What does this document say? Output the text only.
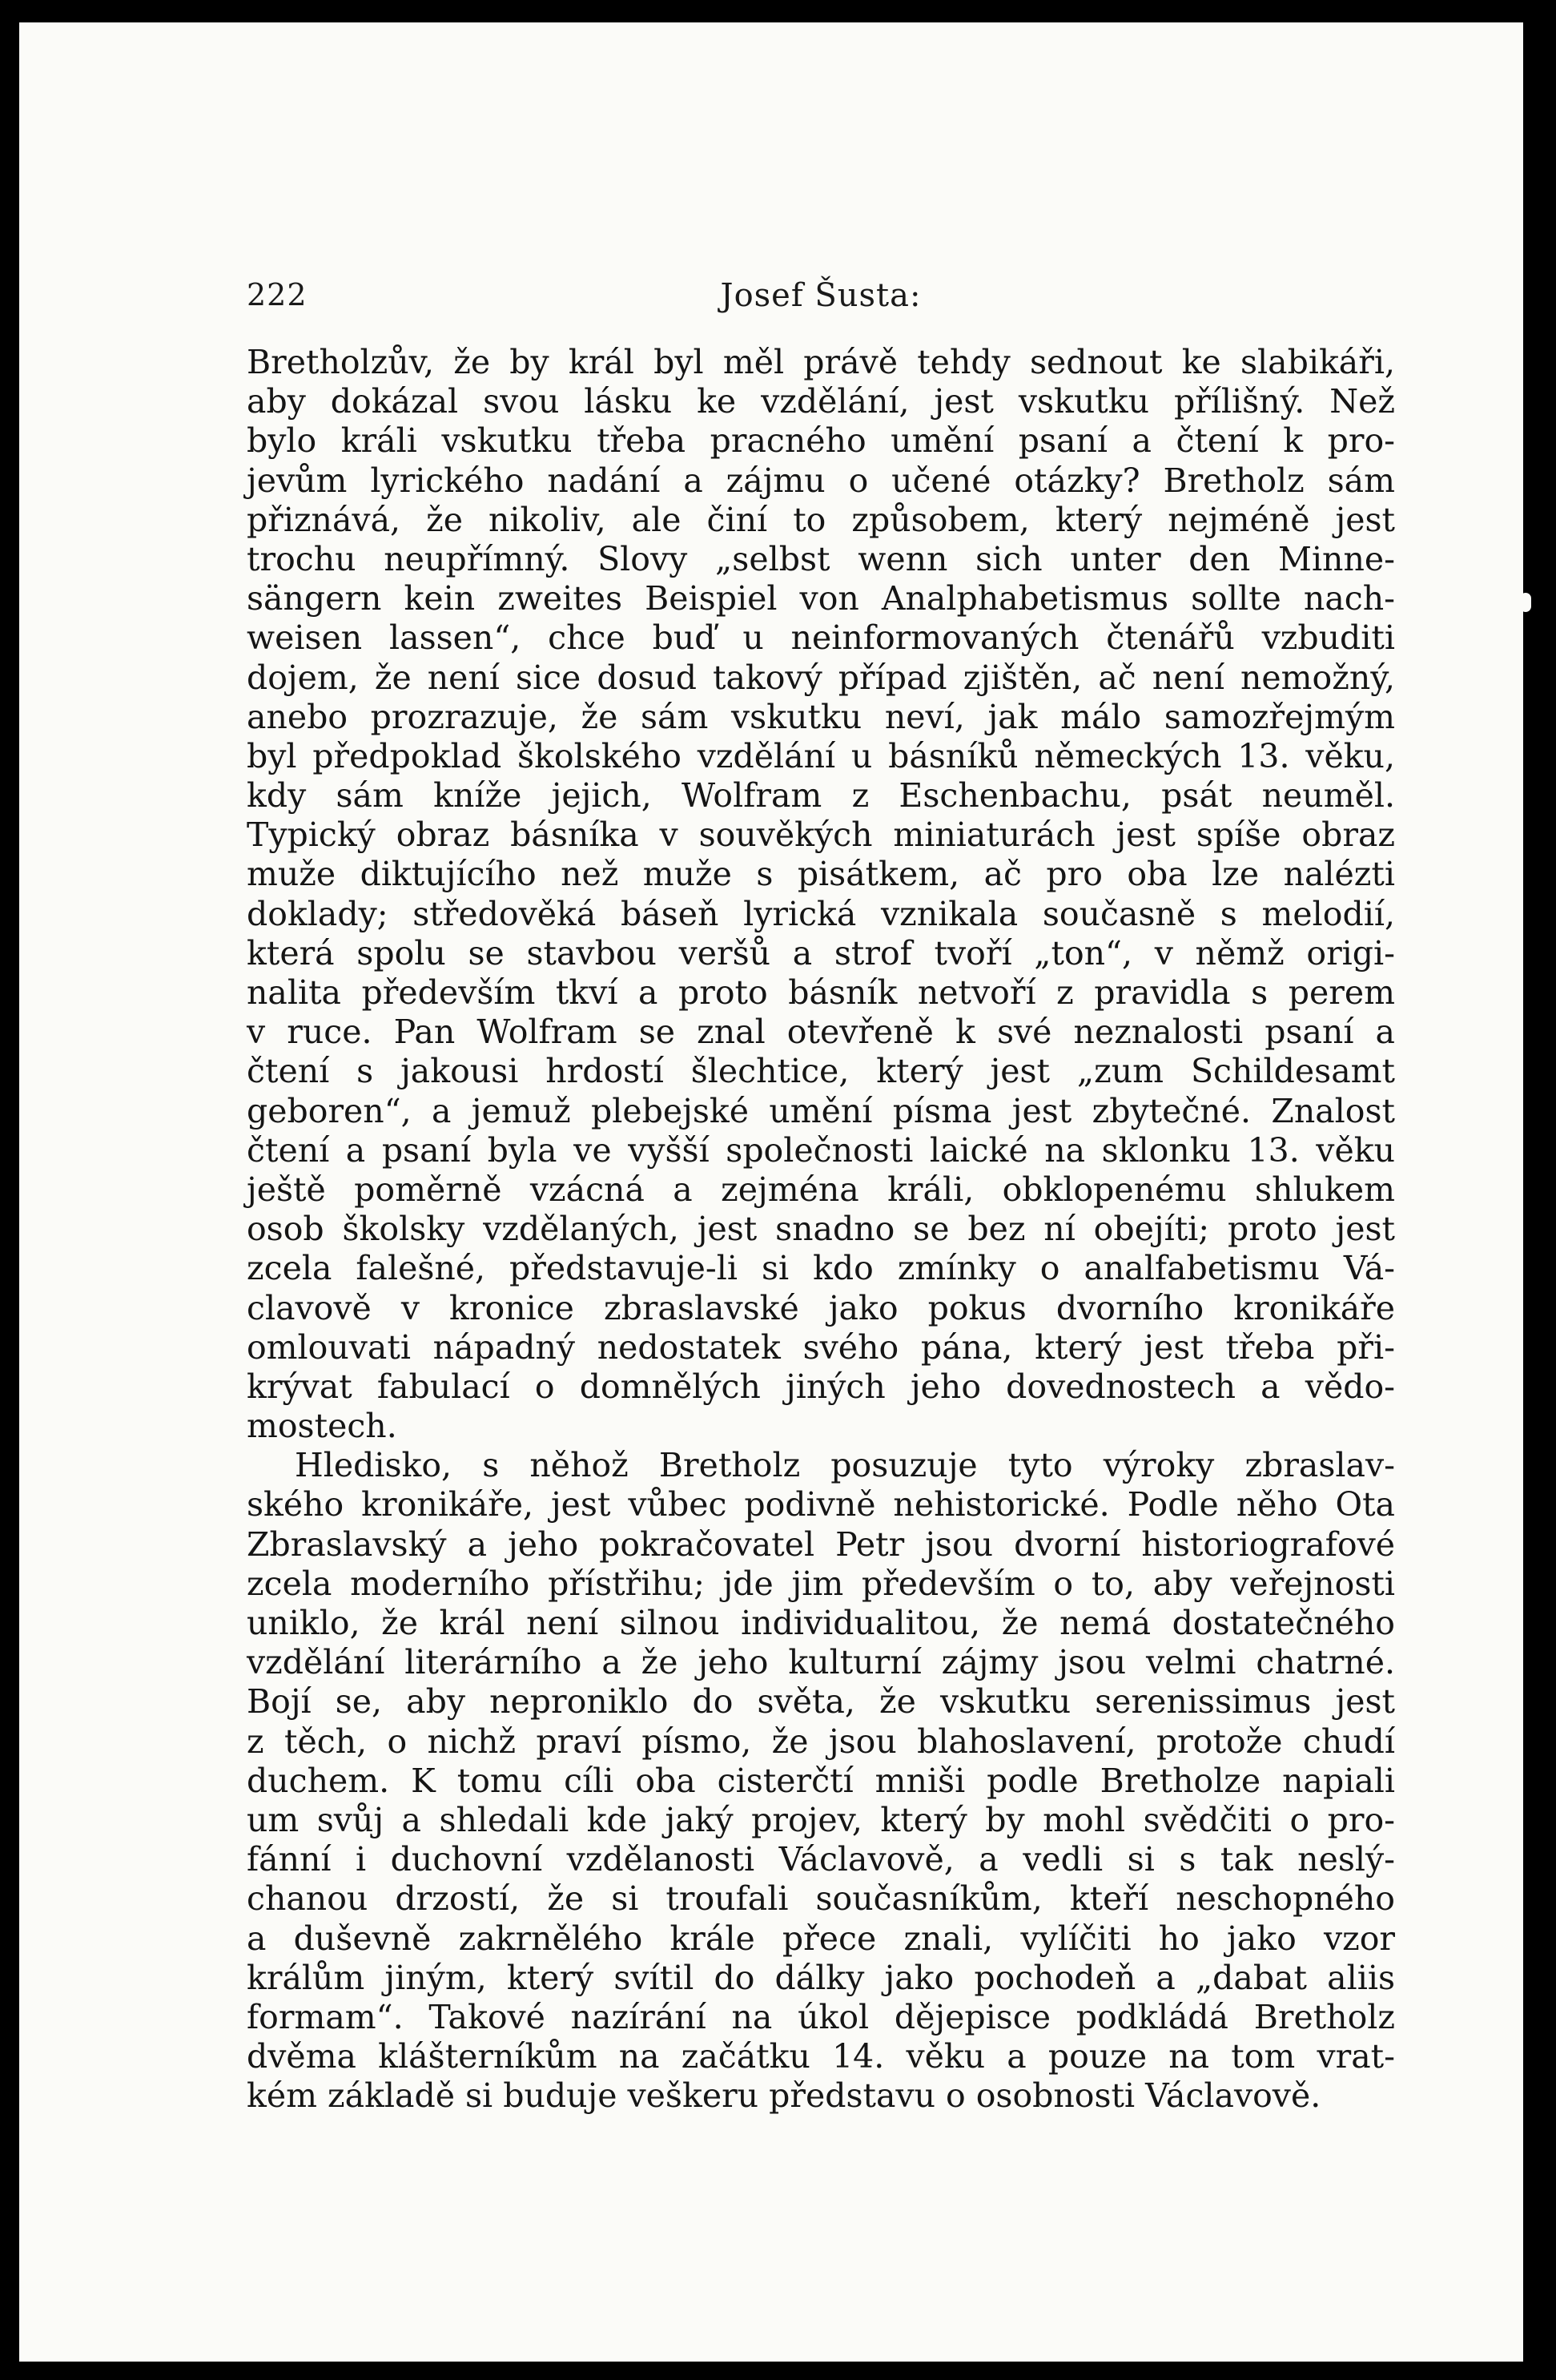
222	Josef Šusta:
Bretholzův, že by král byl měl právě tehdy sednout ke slabikáři,
aby dokázal svou lásku ke vzdělání, jest vskutku přílišný. Než
bylo králi vskutku třeba pracného umění psaní a čtení k pro-
jevům lyrického nadání a zájmu o učené otázky? Bretholz sám
přiznává, že nikoliv, ale činí to způsobem, který nejméně jest
trochu neupřímný. Slovy „selbst wenn sich unter den Minne-
sängern kein zweites Beispiel von Analphabetismus sollte nach-
weisen lassen“, chce buď u neinformovaných čtenářů vzbuditi
dojem, že není sice dosud takový případ zjištěn, ač není nemožný,
anebo prozrazuje, že sám vskutku neví, jak málo samozřejmým
byl předpoklad školského vzdělání u básníků německých 13. věku,
kdy sám kníže jejich, Wolfram z Eschenbachu, psát neuměl.
Typický obraz básníka v souvěkých miniaturách jest spíše obraz
muže diktujícího než muže s pisátkem, ač pro oba lze nalézti
doklady; středověká báseň lyrická vznikala současně s melodií,
která spolu se stavbou veršů a strof tvoří „ton“, v němž origi-
nalita především tkví a proto básník netvoří z pravidla s perem
v ruce. Pan Wolfram se znal otevřeně k své neznalosti psaní a
čtení s jakousi hrdostí šlechtice, který jest „zum Schildesamt
geboren“, a jemuž plebejské umění písma jest zbytečné. Znalost
čtení a psaní byla ve vyšší společnosti laické na sklonku 13. věku
ještě poměrně vzácná a zejména králi, obklopenému shlukem
osob školsky vzdělaných, jest snadno se bez ní obejíti; proto jest
zcela falešné, představuje-li si kdo zmínky o analfabetismu Vá-
clavově v kronice zbraslavské jako pokus dvorního kronikáře
omlouvati nápadný nedostatek svého pána, který jest třeba při-
krývat fabulací o domnělých jiných jeho dovednostech a vědo-
mostech.
Hledisko, s něhož Bretholz posuzuje tyto výroky zbraslav-
ského kronikáře, jest vůbec podivně nehistorické. Podle něho Ota
Zbraslavský a jeho pokračovatel Petr jsou dvorní historiografové
zcela moderního přístřihu; jde jim především o to, aby veřejnosti
uniklo, že král není silnou individualitou, že nemá dostatečného
vzdělání literárního a že jeho kulturní zájmy jsou velmi chatrné.
Bojí se, aby neproniklo do světa, že vskutku serenissimus jest
z těch, o nichž praví písmo, že jsou blahoslavení, protože chudí
duchem. K tomu cíli oba cisterčtí mniši podle Bretholze napiali
um svůj a shledali kde jaký projev, který by mohl svědčiti o pro-
fánní i duchovní vzdělanosti Václavově, a vedli si s tak neslý-
chanou drzostí, že si troufali současníkům, kteří neschopného
a duševně zakrnělého krále přece znali, vylíčiti ho jako vzor
králům jiným, který svítil do dálky jako pochodeň a „dabat aliis
formam“. Takové nazírání na úkol dějepisce podkládá Bretholz
dvěma klášterníkům na začátku 14. věku a pouze na tom vrat-
kém základě si buduje veškeru představu o osobnosti Václavově.
